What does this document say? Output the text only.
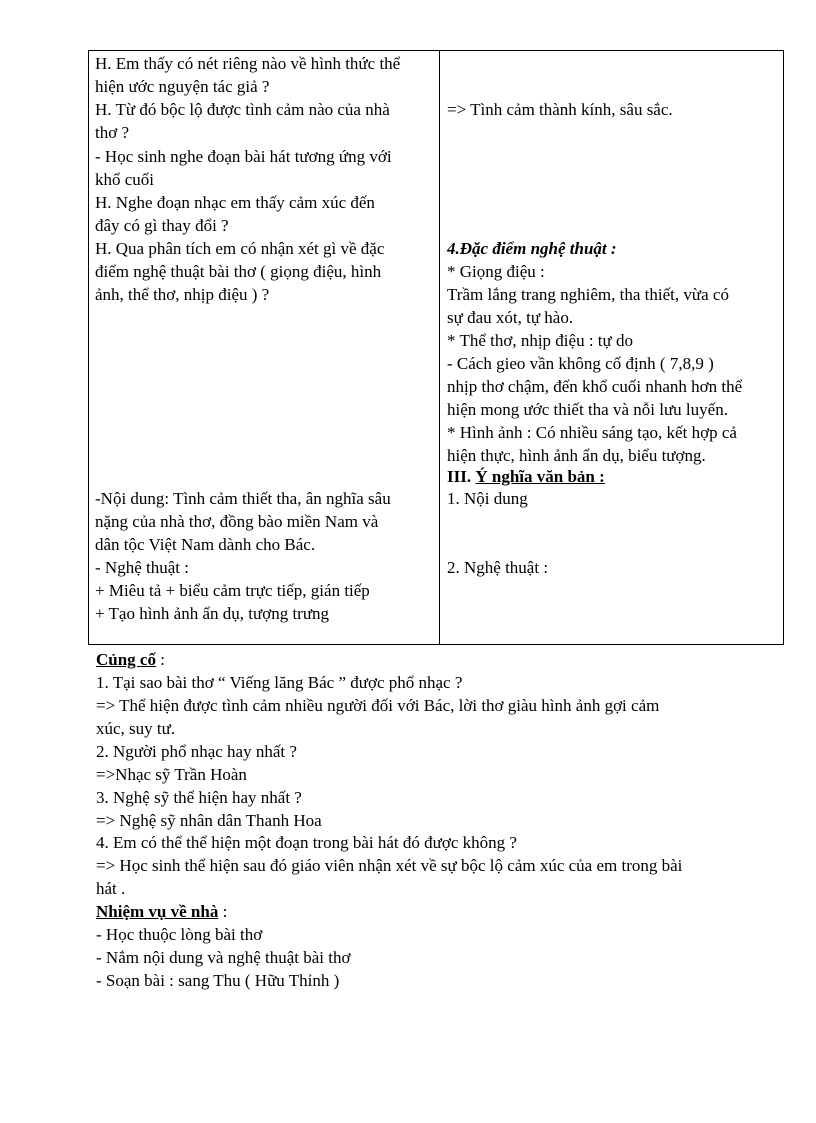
H. Em thấy có nét riêng nào về hình thức thể
hiện ước nguyện tác giả ?
H. Từ đó bộc lộ được tình cảm nào của nhà
thơ ?
- Học sinh nghe đoạn bài hát tương ứng với
khổ cuối
H. Nghe đoạn nhạc em thấy cảm xúc đến
đây có gì thay đổi ?
H. Qua phân tích em có nhận xét gì về đặc
điểm nghệ thuật bài thơ ( giọng điệu, hình
ảnh, thể thơ, nhịp điệu ) ?
-Nội dung: Tình cảm thiết tha, ân nghĩa sâu
nặng của nhà thơ, đồng bào miền Nam và
dân tộc Việt Nam dành cho Bác.
- Nghệ thuật :
+ Miêu tả + biểu cảm trực tiếp, gián tiếp
+ Tạo hình ảnh ẩn dụ, tượng trưng
=> Tình cảm thành kính, sâu sắc.
4.Đặc điểm nghệ thuật :
* Giọng điệu :
Trầm lắng trang nghiêm, tha thiết, vừa có
sự đau xót, tự hào.
* Thể thơ, nhịp điệu : tự do
- Cách gieo vần không cố định ( 7,8,9 )
nhịp thơ chậm, đến khổ cuối nhanh hơn thể
hiện mong ước thiết tha và nỗi lưu luyến.
* Hình ảnh : Có nhiều sáng tạo, kết hợp cả
hiện thực, hình ảnh ẩn dụ, biểu tượng.
III. Ý nghĩa văn bản :
1. Nội dung
2. Nghệ thuật :
Củng cố :
1. Tại sao bài thơ “ Viếng lăng Bác ” được phổ nhạc ?
=> Thể hiện được tình cảm nhiều người đối với Bác, lời thơ giàu hình ảnh gợi cảm
xúc, suy tư.
2. Người phổ nhạc hay nhất ?
=>Nhạc sỹ Trần Hoàn
3. Nghệ sỹ thể hiện hay nhất ?
=> Nghệ sỹ nhân dân Thanh Hoa
4. Em có thể thể hiện một đoạn trong bài hát đó được không ?
=> Học sinh thể hiện sau đó giáo viên nhận xét về sự bộc lộ cảm xúc của em trong bài
hát .
Nhiệm vụ về nhà :
- Học thuộc lòng bài thơ
- Nắm nội dung và nghệ thuật bài thơ
- Soạn bài : sang Thu ( Hữu Thỉnh )
